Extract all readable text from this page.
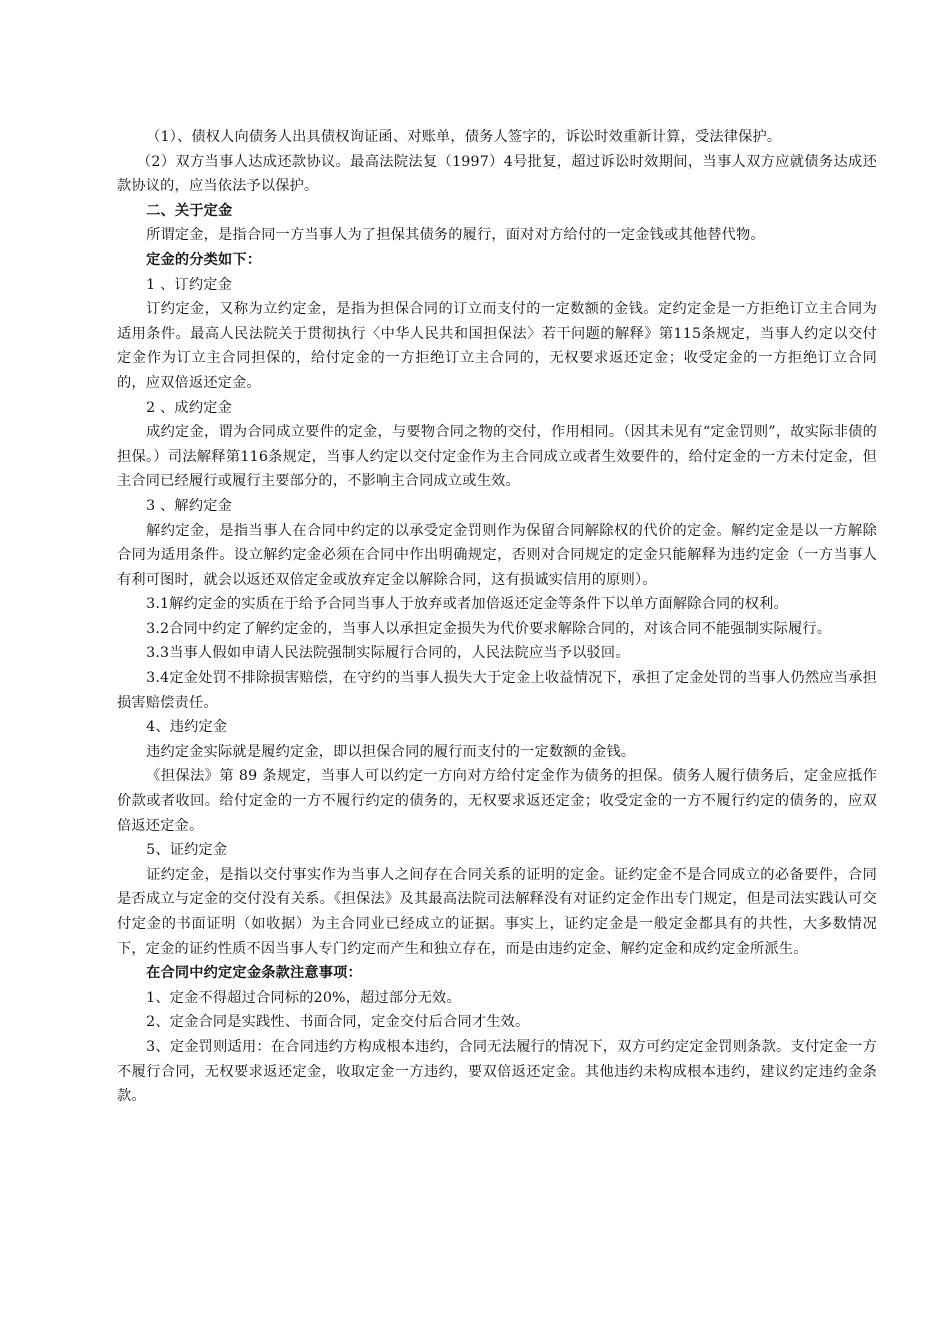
（1）、债权人向债务人出具债权询证函、对账单，债务人签字的，诉讼时效重新计算，受法律保护。

（2）双方当事人达成还款协议。最高法院法复（1997）4号批复，超过诉讼时效期间，当事人双方应就债务达成还款协议的，应当依法予以保护。

二、关于定金

所谓定金，是指合同一方当事人为了担保其债务的履行，面对对方给付的一定金钱或其他替代物。

定金的分类如下：

1 、订约定金

订约定金，又称为立约定金，是指为担保合同的订立而支付的一定数额的金钱。定约定金是一方拒绝订立主合同为适用条件。最高人民法院关于贯彻执行〈中华人民共和国担保法〉若干问题的解释》第115条规定，当事人约定以交付定金作为订立主合同担保的，给付定金的一方拒绝订立主合同的，无权要求返还定金；收受定金的一方拒绝订立合同的，应双倍返还定金。

2 、成约定金

成约定金，谓为合同成立要件的定金，与要物合同之物的交付，作用相同。（因其未见有“定金罚则”，故实际非债的担保。）司法解释第116条规定，当事人约定以交付定金作为主合同成立或者生效要件的，给付定金的一方未付定金，但主合同已经履行或履行主要部分的，不影响主合同成立或生效。

3 、解约定金

解约定金，是指当事人在合同中约定的以承受定金罚则作为保留合同解除权的代价的定金。解约定金是以一方解除合同为适用条件。设立解约定金必须在合同中作出明确规定，否则对合同规定的定金只能解释为违约定金（一方当事人有利可图时，就会以返还双倍定金或放弃定金以解除合同，这有损诚实信用的原则）。

3.1解约定金的实质在于给予合同当事人于放弃或者加倍返还定金等条件下以单方面解除合同的权利。

3.2合同中约定了解约定金的，当事人以承担定金损失为代价要求解除合同的，对该合同不能强制实际履行。

3.3当事人假如申请人民法院强制实际履行合同的，人民法院应当予以驳回。

3.4定金处罚不排除损害赔偿，在守约的当事人损失大于定金上收益情况下，承担了定金处罚的当事人仍然应当承担损害赔偿责任。

4、违约定金

违约定金实际就是履约定金，即以担保合同的履行而支付的一定数额的金钱。

《担保法》第 89 条规定，当事人可以约定一方向对方给付定金作为债务的担保。债务人履行债务后，定金应抵作价款或者收回。给付定金的一方不履行约定的债务的，无权要求返还定金；收受定金的一方不履行约定的债务的，应双倍返还定金。

5、证约定金

证约定金，是指以交付事实作为当事人之间存在合同关系的证明的定金。证约定金不是合同成立的必备要件，合同是否成立与定金的交付没有关系。《担保法》及其最高法院司法解释没有对证约定金作出专门规定，但是司法实践认可交付定金的书面证明（如收据）为主合同业已经成立的证据。事实上，证约定金是一般定金都具有的共性，大多数情况下，定金的证约性质不因当事人专门约定而产生和独立存在，而是由违约定金、解约定金和成约定金所派生。

在合同中约定定金条款注意事项：

1、定金不得超过合同标的20%，超过部分无效。

2、定金合同是实践性、书面合同，定金交付后合同才生效。

3、定金罚则适用：在合同违约方构成根本违约，合同无法履行的情况下，双方可约定定金罚则条款。支付定金一方不履行合同，无权要求返还定金，收取定金一方违约，要双倍返还定金。其他违约未构成根本违约，建议约定违约金条款。
